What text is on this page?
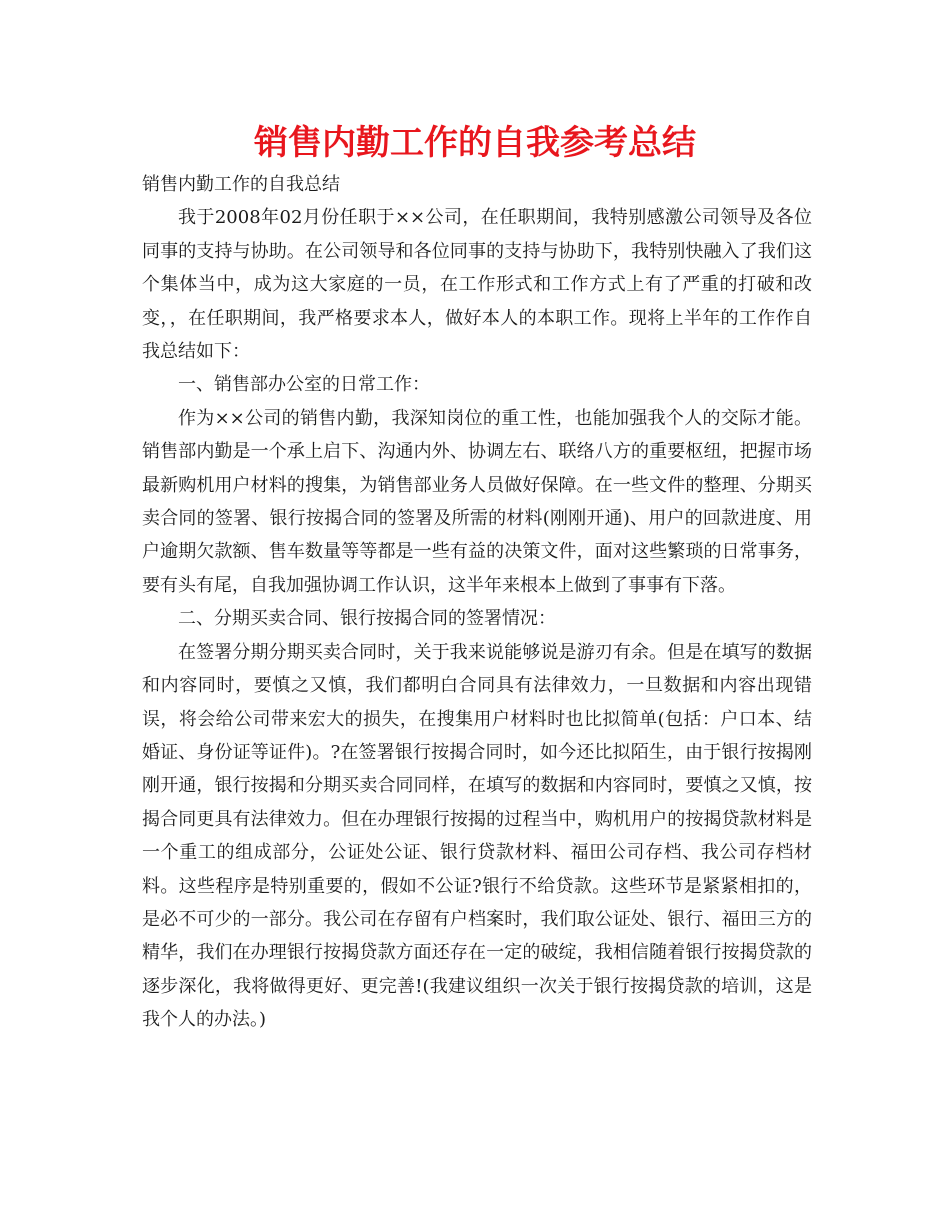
销售内勤工作的自我参考总结

销售内勤工作的自我总结

我于2008年02月份任职于××公司，在任职期间，我特别感激公司领导及各位同事的支持与协助。在公司领导和各位同事的支持与协助下，我特别快融入了我们这个集体当中，成为这大家庭的一员，在工作形式和工作方式上有了严重的打破和改变，，在任职期间，我严格要求本人，做好本人的本职工作。现将上半年的工作作自我总结如下：

一、销售部办公室的日常工作：

作为××公司的销售内勤，我深知岗位的重工性，也能加强我个人的交际才能。销售部内勤是一个承上启下、沟通内外、协调左右、联络八方的重要枢纽，把握市场最新购机用户材料的搜集，为销售部业务人员做好保障。在一些文件的整理、分期买卖合同的签署、银行按揭合同的签署及所需的材料(刚刚开通)、用户的回款进度、用户逾期欠款额、售车数量等等都是一些有益的决策文件，面对这些繁琐的日常事务，要有头有尾，自我加强协调工作认识，这半年来根本上做到了事事有下落。

二、分期买卖合同、银行按揭合同的签署情况：

在签署分期分期买卖合同时，关于我来说能够说是游刃有余。但是在填写的数据和内容同时，要慎之又慎，我们都明白合同具有法律效力，一旦数据和内容出现错误，将会给公司带来宏大的损失，在搜集用户材料时也比拟简单(包括：户口本、结婚证、身份证等证件)。?在签署银行按揭合同时，如今还比拟陌生，由于银行按揭刚刚开通，银行按揭和分期买卖合同同样，在填写的数据和内容同时，要慎之又慎，按揭合同更具有法律效力。但在办理银行按揭的过程当中，购机用户的按揭贷款材料是一个重工的组成部分，公证处公证、银行贷款材料、福田公司存档、我公司存档材料。这些程序是特别重要的，假如不公证?银行不给贷款。这些环节是紧紧相扣的，是必不可少的一部分。我公司在存留有户档案时，我们取公证处、银行、福田三方的精华，我们在办理银行按揭贷款方面还存在一定的破绽，我相信随着银行按揭贷款的逐步深化，我将做得更好、更完善!(我建议组织一次关于银行按揭贷款的培训，这是我个人的办法。)
